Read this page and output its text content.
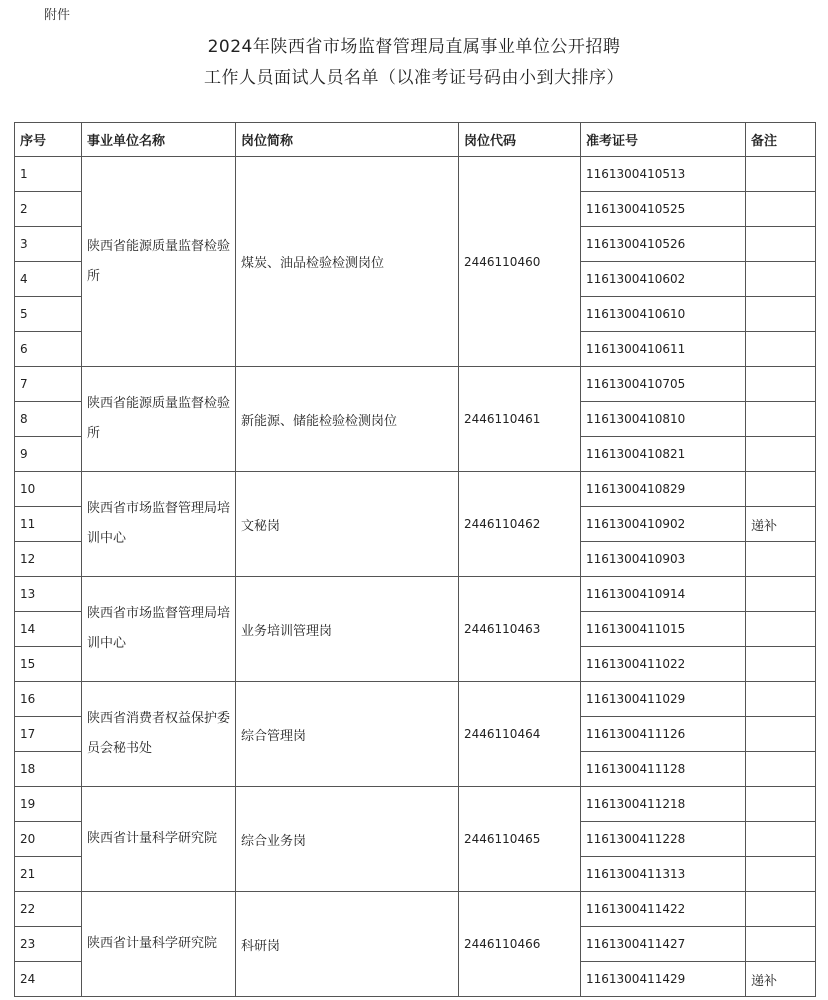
附件
2024年陕西省市场监督管理局直属事业单位公开招聘
工作人员面试人员名单（以准考证号码由小到大排序）
序号	事业单位名称	岗位简称	岗位代码	准考证号	备注
1	陕西省能源质量监督检验所	煤炭、油品检验检测岗位	2446110460	1161300410513	
2				1161300410525	
3				1161300410526	
4				1161300410602	
5				1161300410610	
6				1161300410611	
7	陕西省能源质量监督检验所	新能源、储能检验检测岗位	2446110461	1161300410705	
8				1161300410810	
9				1161300410821	
10	陕西省市场监督管理局培训中心	文秘岗	2446110462	1161300410829	
11				1161300410902	递补
12				1161300410903	
13	陕西省市场监督管理局培训中心	业务培训管理岗	2446110463	1161300410914	
14				1161300411015	
15				1161300411022	
16	陕西省消费者权益保护委员会秘书处	综合管理岗	2446110464	1161300411029	
17				1161300411126	
18				1161300411128	
19	陕西省计量科学研究院	综合业务岗	2446110465	1161300411218	
20				1161300411228	
21				1161300411313	
22	陕西省计量科学研究院	科研岗	2446110466	1161300411422	
23				1161300411427	
24				1161300411429	递补
